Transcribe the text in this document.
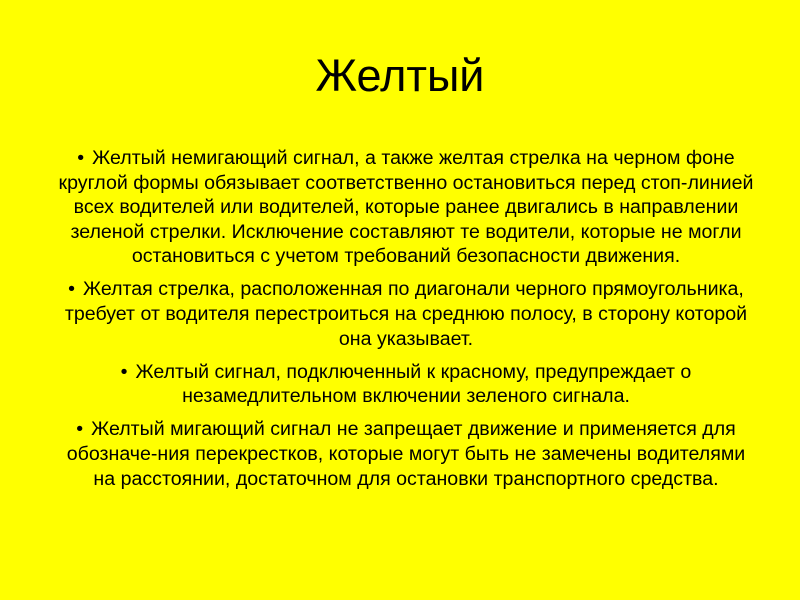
Желтый
• Желтый немигающий сигнал, а также желтая стрелка на черном фоне круглой формы обязывает соответственно остановиться перед стоп-линией всех водителей или водителей, которые ранее двигались в направлении зеленой стрелки. Исключение составляют те водители, которые не могли остановиться с учетом требований безопасности движения.
• Желтая стрелка, расположенная по диагонали черного прямоугольника, требует от водителя перестроиться на среднюю полосу, в сторону которой она указывает.
• Желтый сигнал, подключенный к красному, предупреждает о незамедлительном включении зеленого сигнала.
• Желтый мигающий сигнал не запрещает движение и применяется для обозначе-ния перекрестков, которые могут быть не замечены водителями на расстоянии, достаточном для остановки транспортного средства.
